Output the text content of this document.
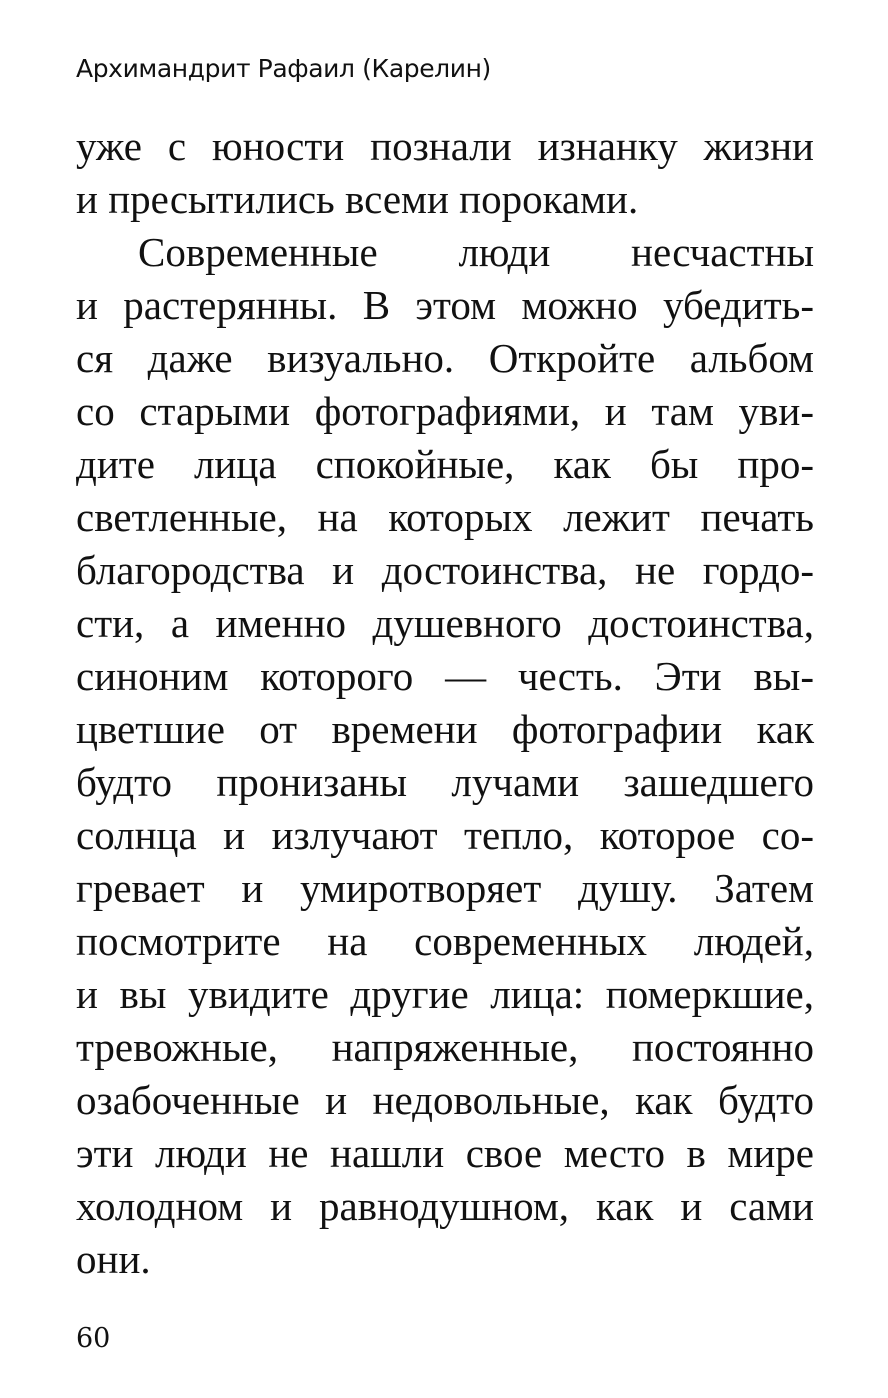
Архимандрит Рафаил (Карелин)
уже с юности познали изнанку жизни
и пресытились всеми пороками.
Современные люди несчастны
и растерянны. В этом можно убедить-
ся даже визуально. Откройте альбом
со старыми фотографиями, и там уви-
дите лица спокойные, как бы про-
светленные, на которых лежит печать
благородства и достоинства, не гордо-
сти, а именно душевного достоинства,
синоним которого — честь. Эти вы-
цветшие от времени фотографии как
будто пронизаны лучами зашедшего
солнца и излучают тепло, которое со-
гревает и умиротворяет душу. Затем
посмотрите на современных людей,
и вы увидите другие лица: померкшие,
тревожные, напряженные, постоянно
озабоченные и недовольные, как будто
эти люди не нашли свое место в мире
холодном и равнодушном, как и сами
они.
60
